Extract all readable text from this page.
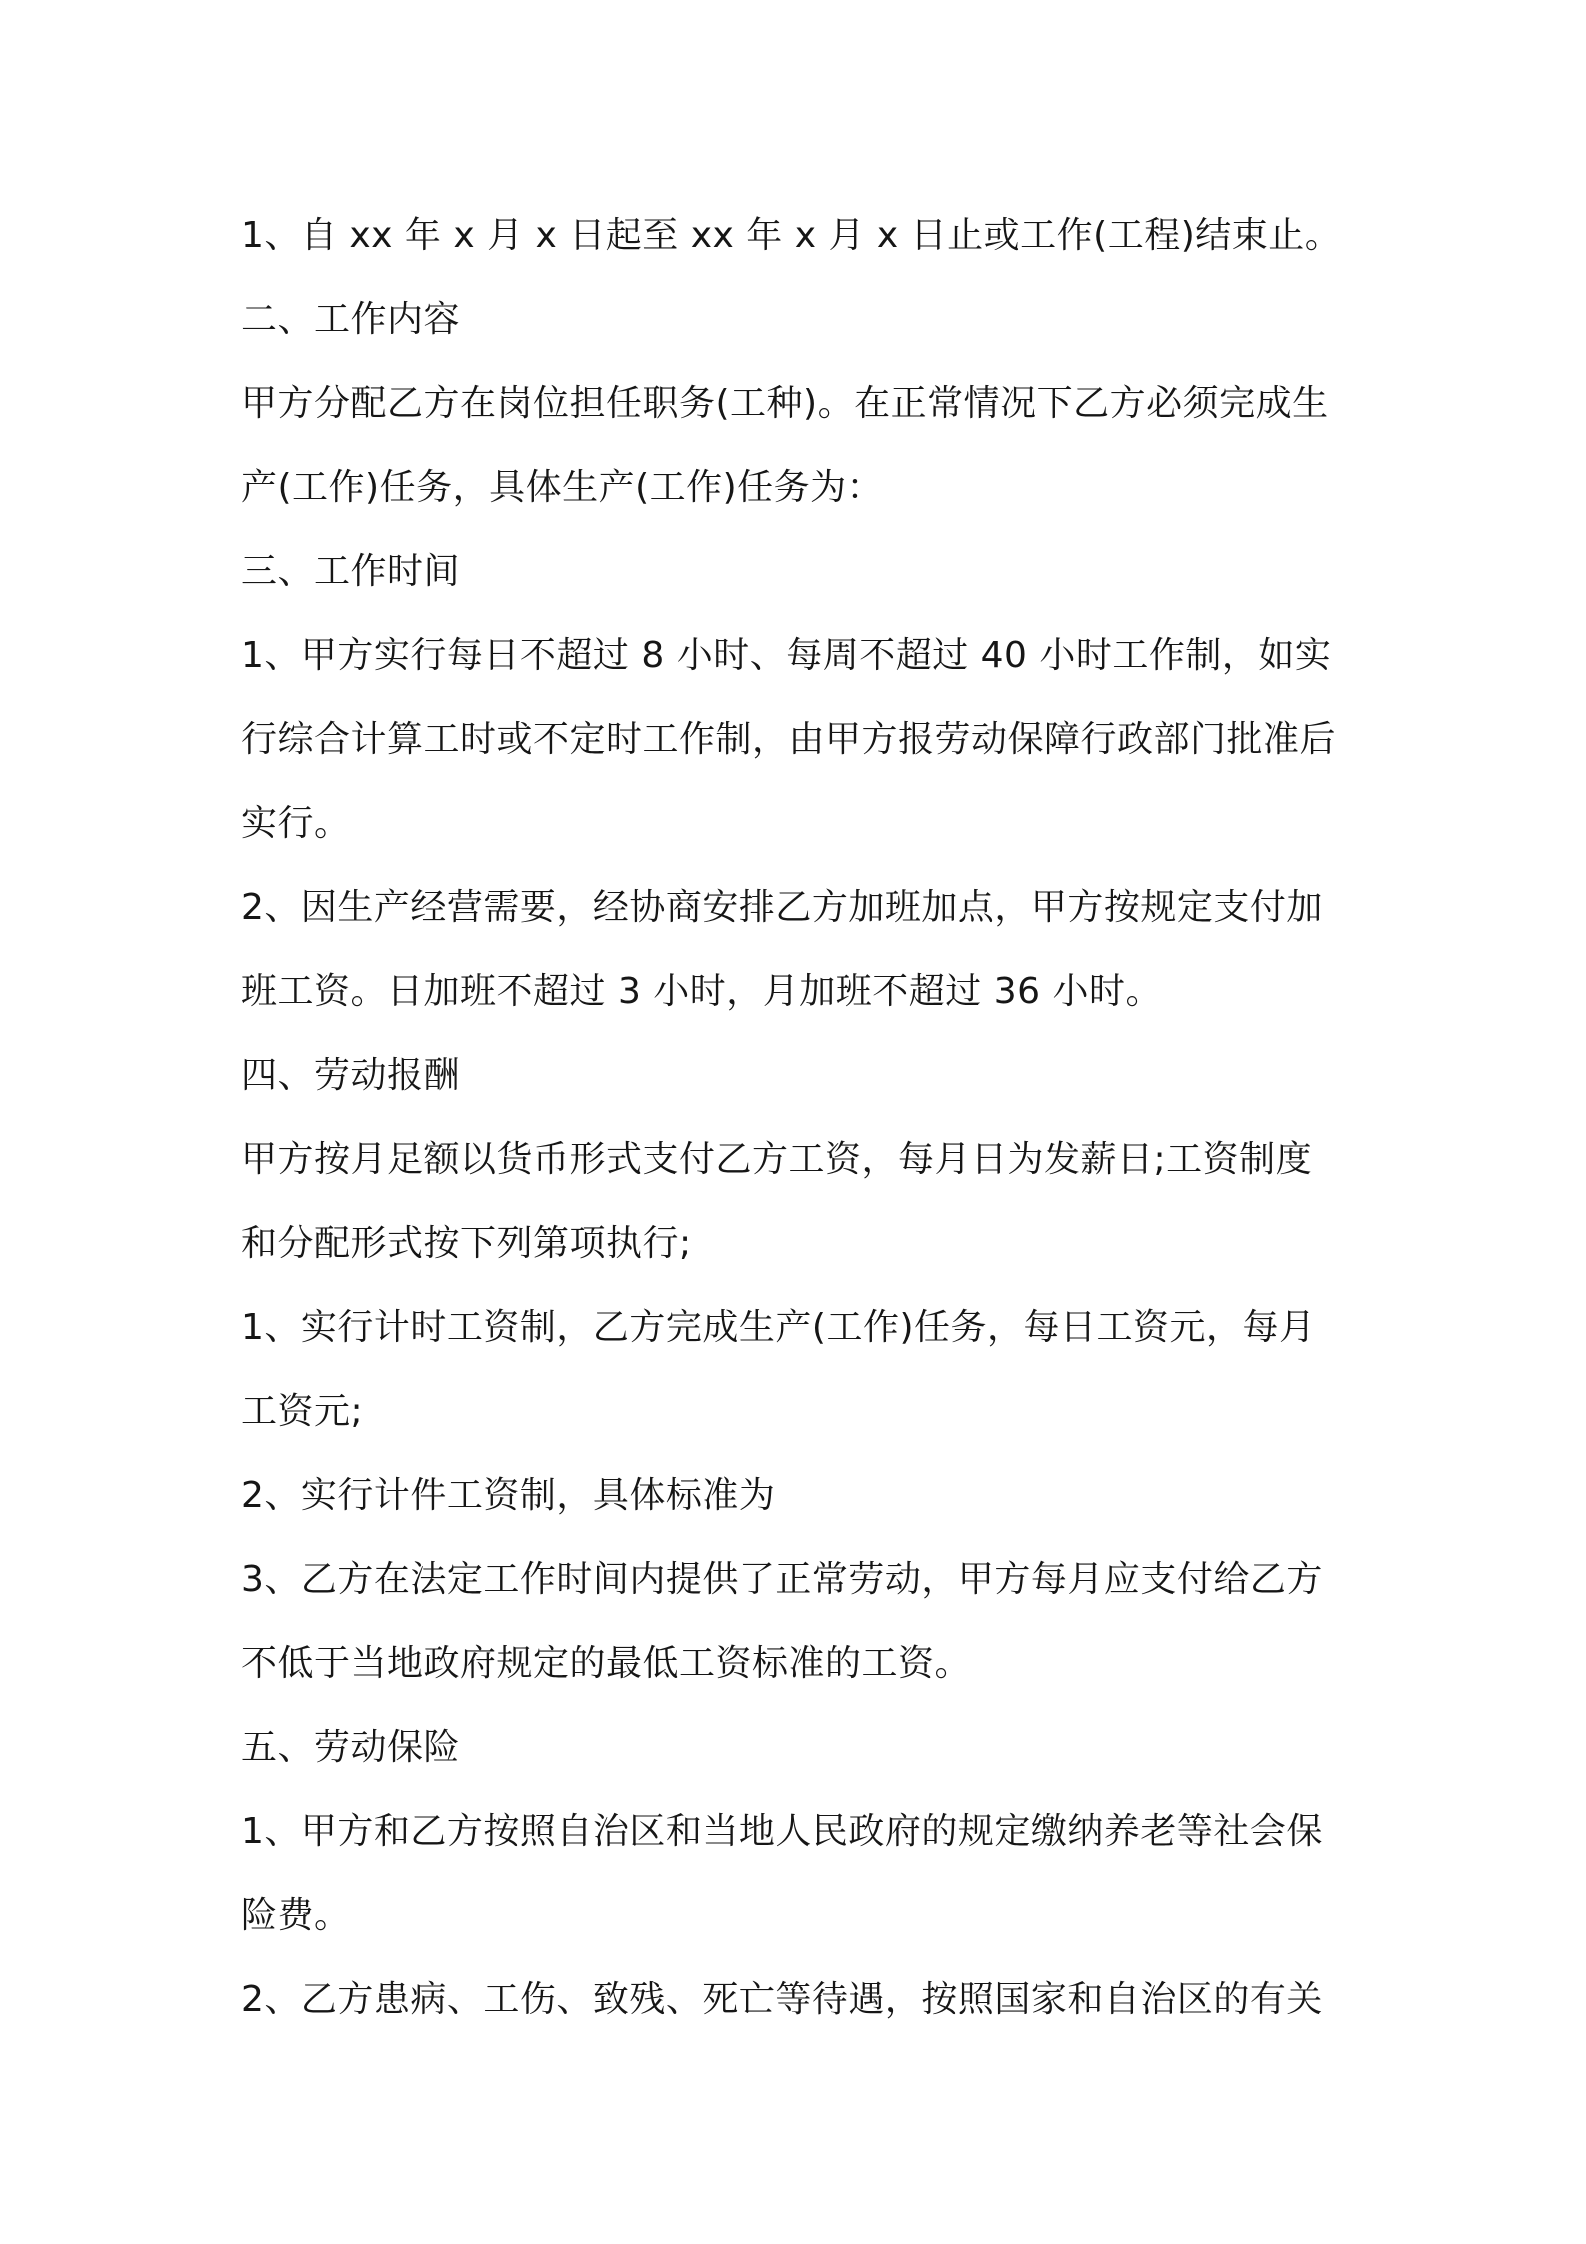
1、自 xx 年 x 月 x 日起至 xx 年 x 月 x 日止或工作(工程)结束止。
二、工作内容
甲方分配乙方在岗位担任职务(工种)。在正常情况下乙方必须完成生
产(工作)任务，具体生产(工作)任务为：
三、工作时间
1、甲方实行每日不超过 8 小时、每周不超过 40 小时工作制，如实
行综合计算工时或不定时工作制，由甲方报劳动保障行政部门批准后
实行。
2、因生产经营需要，经协商安排乙方加班加点，甲方按规定支付加
班工资。日加班不超过 3 小时，月加班不超过 36 小时。
四、劳动报酬
甲方按月足额以货币形式支付乙方工资，每月日为发薪日;工资制度
和分配形式按下列第项执行;
1、实行计时工资制，乙方完成生产(工作)任务，每日工资元，每月
工资元;
2、实行计件工资制，具体标准为
3、乙方在法定工作时间内提供了正常劳动，甲方每月应支付给乙方
不低于当地政府规定的最低工资标准的工资。
五、劳动保险
1、甲方和乙方按照自治区和当地人民政府的规定缴纳养老等社会保
险费。
2、乙方患病、工伤、致残、死亡等待遇，按照国家和自治区的有关
